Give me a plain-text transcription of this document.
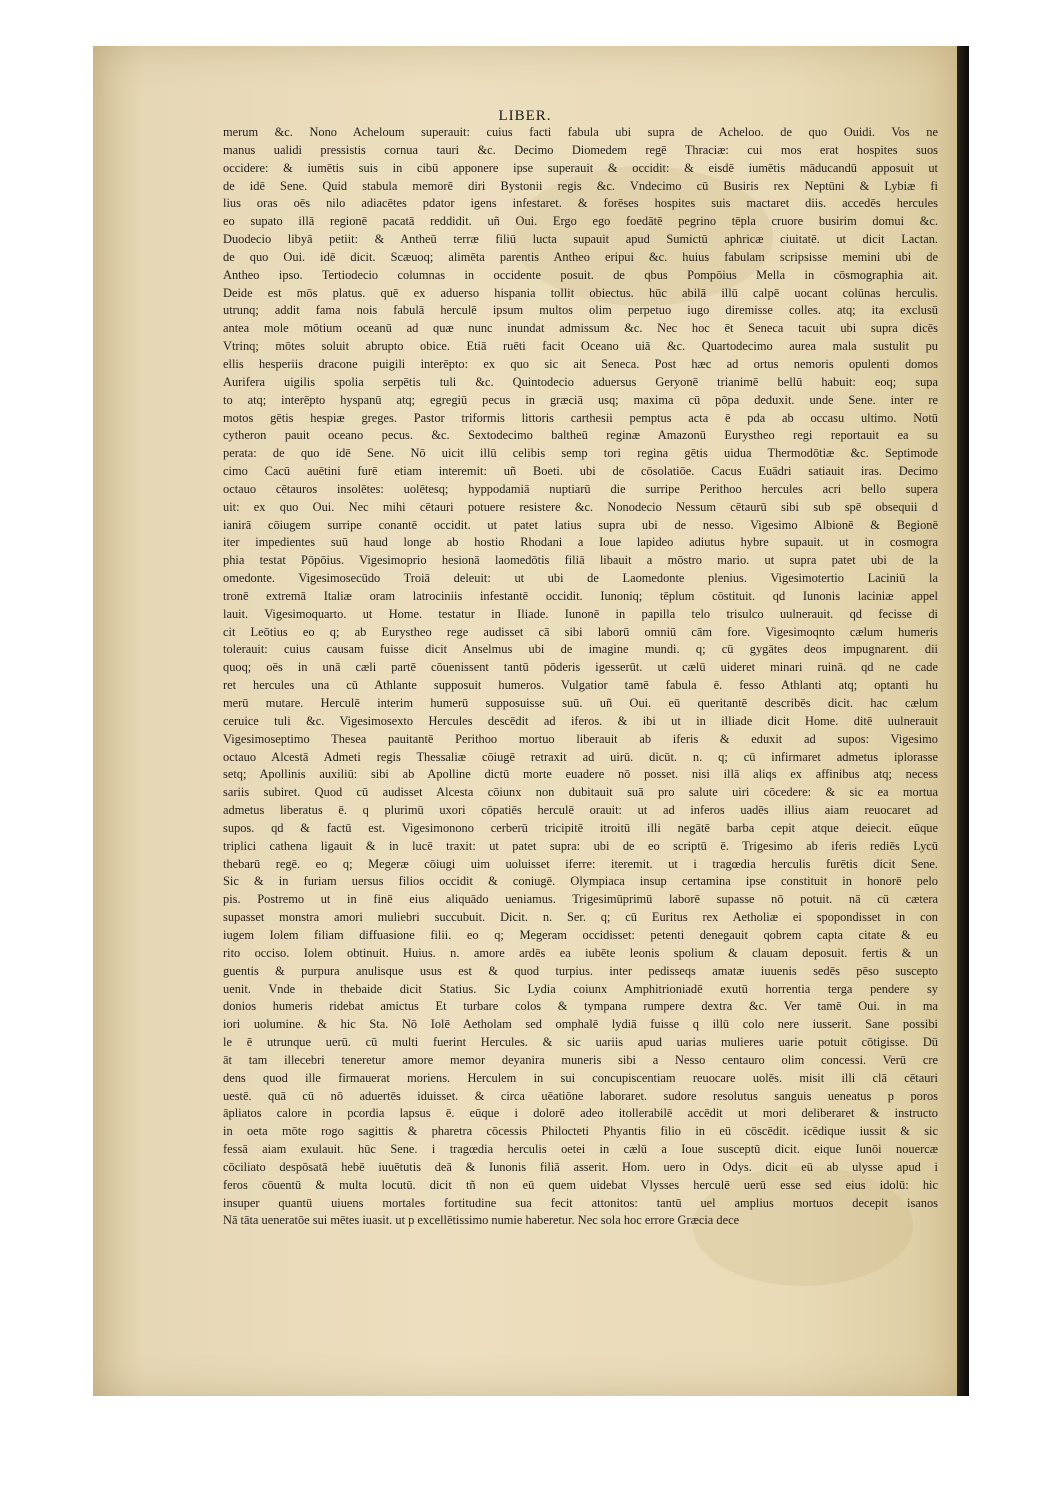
LIBER.
merum &c. Nono Acheloum superauit: cuius facti fabula ubi supra de Acheloo. de quo Ouidi. Vos ne
manus ualidi pressistis cornua tauri &c. Decimo Diomedem regē Thraciæ: cui mos erat hospites suos
occidere: & iumētis suis in cibū apponere ipse superauit & occidit: & eisdē iumētis māducandū apposuit ut
de idē Sene. Quid stabula memorē diri Bystonii regis &c. Vndecimo cū Busiris rex Neptūni & Lybiæ fi
lius oras oēs nilo adiacētes pdator igens infestaret. & forēses hospites suis mactaret diis. accedēs hercules
eo supato illā regionē pacatā reddidit. uñ Oui. Ergo ego foedātē pegrino tēpla cruore busirim domui &c.
Duodecio libyā petiit: & Antheū terræ filiū lucta supauit apud Sumictū aphricæ ciuitatē. ut dicit Lactan.
de quo Oui. idē dicit. Scæuoq; alimēta parentis Antheo eripui &c. huius fabulam scripsisse memini ubi de
Antheo ipso. Tertiodecio columnas in occidente posuit. de qbus Pompōius Mella in cōsmographia ait.
Deide est mōs platus. quē ex aduerso hispania tollit obiectus. hūc abilā illū calpē uocant colūnas herculis.
utrunq; addit fama nois fabulā herculē ipsum multos olim perpetuo iugo diremisse colles. atq; ita exclusū
antea mole mōtium oceanū ad quæ nunc inundat admissum &c. Nec hoc ēt Seneca tacuit ubi supra dicēs
Vtrinq; mōtes soluit abrupto obice. Etiā ruēti facit Oceano uiā &c. Quartodecimo aurea mala sustulit pu
ellis hesperiis dracone puigili interēpto: ex quo sic ait Seneca. Post hæc ad ortus nemoris opulenti domos
Aurifera uigilis spolia serpētis tuli &c. Quintodecio aduersus Geryonē trianimē bellū habuit: eoq; supa
to atq; interēpto hyspanū atq; egregiū pecus in græciā usq; maxima cū pōpa deduxit. unde Sene. inter re
motos gētis hespiæ greges. Pastor triformis littoris carthesii pemptus acta ē pda ab occasu ultimo. Notū
cytheron pauit oceano pecus. &c. Sextodecimo baltheū reginæ Amazonū Eurystheo regi reportauit ea su
perata: de quo idē Sene. Nō uicit illū celibis semp tori regina gētis uidua Thermodōtiæ &c. Septimode
cimo Cacū auētini furē etiam interemit: uñ Boeti. ubi de cōsolatiōe. Cacus Euādri satiauit iras. Decimo
octauo cētauros insolētes: uolētesq; hyppodamiā nuptiarū die surripe Perithoo hercules acri bello supera
uit: ex quo Oui. Nec mihi cētauri potuere resistere &c. Nonodecio Nessum cētaurū sibi sub spē obsequii d
ianirā cōiugem surripe conantē occidit. ut patet latius supra ubi de nesso. Vigesimo Albionē & Begionē
iter impedientes suū haud longe ab hostio Rhodani a Ioue lapideo adiutus hybre supauit. ut in cosmogra
phia testat Pōpōius. Vigesimoprio hesionā laomedōtis filiā libauit a mōstro mario. ut supra patet ubi de la
omedonte. Vigesimosecūdo Troiā deleuit: ut ubi de Laomedonte plenius. Vigesimotertio Laciniū la
tronē extremā Italiæ oram latrociniis infestantē occidit. Iunoniq; tēplum cōstituit. qd Iunonis laciniæ appel
lauit. Vigesimoquarto. ut Home. testatur in Iliade. Iunonē in papilla telo trisulco uulnerauit. qd fecisse di
cit Leōtius eo q; ab Eurystheo rege audisset cā sibi laborū omniū cām fore. Vigesimoqnto cælum humeris
tolerauit: cuius causam fuisse dicit Anselmus ubi de imagine mundi. q; cū gygātes deos impugnarent. dii
quoq; oēs in unā cæli partē cōuenissent tantū pōderis igesserūt. ut cælū uideret minari ruinā. qd ne cade
ret hercules una cū Athlante supposuit humeros. Vulgatior tamē fabula ē. fesso Athlanti atq; optanti hu
merū mutare. Herculē interim humerū supposuisse suū. uñ Oui. eū queritantē describēs dicit. hac cælum
ceruice tuli &c. Vigesimosexto Hercules descēdit ad iferos. & ibi ut in illiade dicit Home. ditē uulnerauit
Vigesimoseptimo Thesea pauitantē Perithoo mortuo liberauit ab iferis & eduxit ad supos: Vigesimo
octauo Alcestā Admeti regis Thessaliæ cōiugē retraxit ad uirū. dicūt. n. q; cū infirmaret admetus iplorasse
setq; Apollinis auxiliū: sibi ab Apolline dictū morte euadere nō posset. nisi illā aliqs ex affinibus atq; necess
sariis subiret. Quod cū audisset Alcesta cōiunx non dubitauit suā pro salute uiri cōcedere: & sic ea mortua
admetus liberatus ē. q plurimū uxori cōpatiēs herculē orauit: ut ad inferos uadēs illius aiam reuocaret ad
supos. qd & factū est. Vigesimonono cerberū tricipitē itroitū illi negātē barba cepit atque deiecit. eūque
triplici cathena ligauit & in lucē traxit: ut patet supra: ubi de eo scriptū ē. Trigesimo ab iferis rediēs Lycū
thebarū regē. eo q; Megeræ cōiugi uim uoluisset iferre: iteremit. ut i tragœdia herculis furētis dicit Sene.
Sic & in furiam uersus filios occidit & coniugē. Olympiaca insup certamina ipse constituit in honorē pelo
pis. Postremo ut in finē eius aliquādo ueniamus. Trigesimūprimū laborē supasse nō potuit. nā cū cætera
supasset monstra amori muliebri succubuit. Dicit. n. Ser. q; cū Euritus rex Aetholiæ ei spopondisset in con
iugem Iolem filiam diffuasione filii. eo q; Megeram occidisset: petenti denegauit qobrem capta citate & eu
rito occiso. Iolem obtinuit. Huius. n. amore ardēs ea iubēte leonis spolium & clauam deposuit. fertis & un
guentis & purpura anulisque usus est & quod turpius. inter pedisseqs amatæ iuuenis sedēs pēso suscepto
uenit. Vnde in thebaide dicit Statius. Sic Lydia coiunx Amphitrioniadē exutū horrentia terga pendere sy
donios humeris ridebat amictus Et turbare colos & tympana rumpere dextra &c. Ver tamē Oui. in ma
iori uolumine. & hic Sta. Nō Iolē Aetholam sed omphalē lydiā fuisse q illū colo nere iusserit. Sane possibi
le ē utrunque uerū. cū multi fuerint Hercules. & sic uariis apud uarias mulieres uarie potuit cōtigisse. Dū
āt tam illecebri teneretur amore memor deyanira muneris sibi a Nesso centauro olim concessi. Verū cre
dens quod ille firmauerat moriens. Herculem in sui concupiscentiam reuocare uolēs. misit illi clā cētauri
uestē. quā cū nō aduertēs iduisset. & circa uēatiōne laboraret. sudore resolutus sanguis ueneatus p poros
āpliatos calore in pcordia lapsus ē. eūque i dolorē adeo itollerabilē accēdit ut mori deliberaret & instructo
in oeta mōte rogo sagittis & pharetra cōcessis Philocteti Phyantis filio in eū cōscēdit. icēdique iussit & sic
fessā aiam exulauit. hūc Sene. i tragœdia herculis oetei in cælū a Ioue susceptū dicit. eique Iunōi nouercæ
cōciliato despōsatā hebē iuuētutis deā & Iunonis filiā asserit. Hom. uero in Odys. dicit eū ab ulysse apud i
feros cōuentū & multa locutū. dicit tñ non eū quem uidebat Vlysses herculē uerū esse sed eius idolū: hic
insuper quantū uiuens mortales fortitudine sua fecit attonitos: tantū uel amplius mortuos decepit isanos
Nā tāta ueneratōe sui mētes iuasit. ut p excellētissimo numie haberetur. Nec sola hoc errore Græcia dece
